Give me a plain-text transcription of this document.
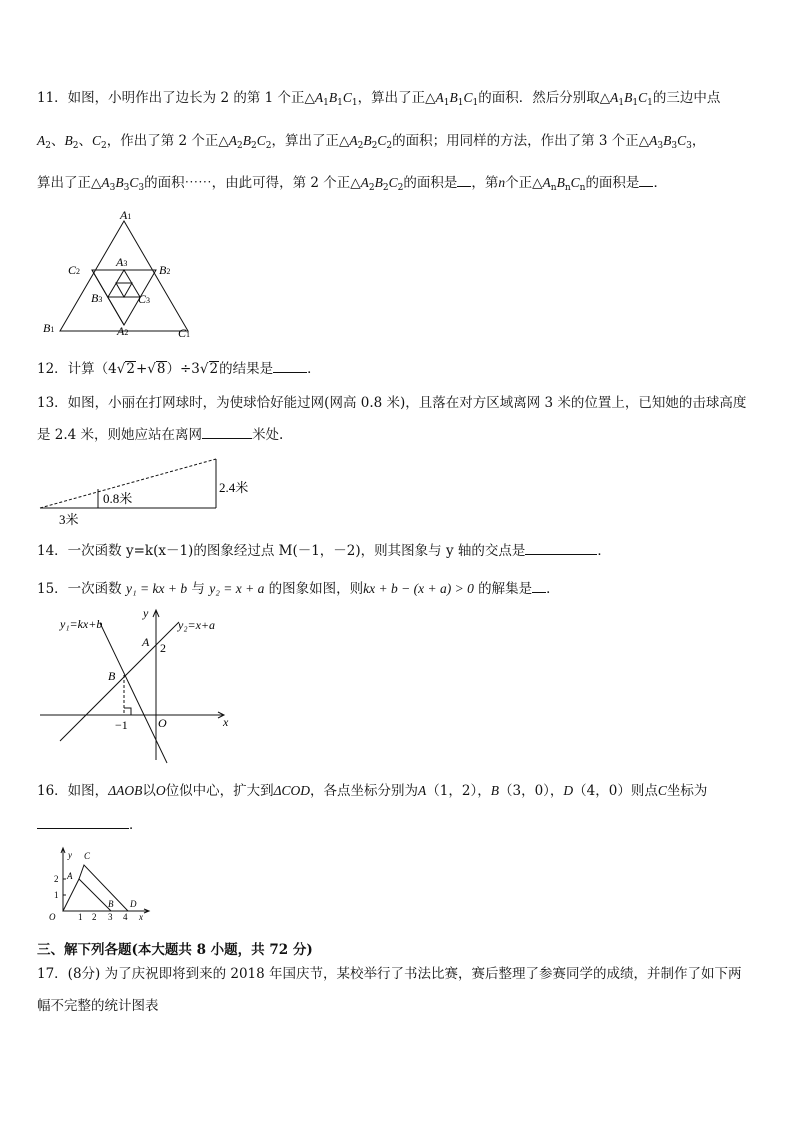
11．如图，小明作出了边长为 2 的第 1 个正$\triangle A_1B_1C_1$，算出了正$\triangle A_1B_1C_1$的面积．然后分别取$\triangle A_1B_1C_1$的三边中点
$A_2$、$B_2$、$C_2$，作出了第 2 个正$\triangle A_2B_2C_2$，算出了正$\triangle A_2B_2C_2$的面积；用同样的方法，作出了第 3 个正$\triangle A_3B_3C_3$，
算出了正$\triangle A_3B_3C_3$的面积⋯⋯，由此可得，第 2 个正$\triangle A_2B_2C_2$的面积是 ，第n个正$\triangle A_nB_nC_n$的面积是 ．
A1
C2	B2
A3
B3	C3
B1	A2	C1
12．计算（4√2+√8）÷3√2的结果是	．
13．如图，小丽在打网球时，为使球恰好能过网(网高 0.8 米)，且落在对方区域离网 3 米的位置上，已知她的击球高度
是 2.4 米，则她应站在离网	米处.
0.8米
2.4米
3米
14．一次函数 y=k(x－1)的图象经过点 M(－1，－2)，则其图象与 y 轴的交点是	．
15．一次函数 y₁ = kx + b 与 y₂ = x + a 的图象如图，则kx + b − (x + a) > 0 的解集是 ．
y₁=kx+b	y₂=x+a
y
x
A 2
B
−1	O
16．如图，ΔAOB以O位似中心，扩大到ΔCOD，各点坐标分别为A（1，2），B（3，0），D（4，0）则点C坐标为
．
y C
A
2
1
B D
O	1 2 3 4 x
三、解下列各题(本大题共 8 小题，共 72 分)
17．(8分) 为了庆祝即将到来的 2018 年国庆节，某校举行了书法比赛，赛后整理了参赛同学的成绩，并制作了如下两
幅不完整的统计图表
